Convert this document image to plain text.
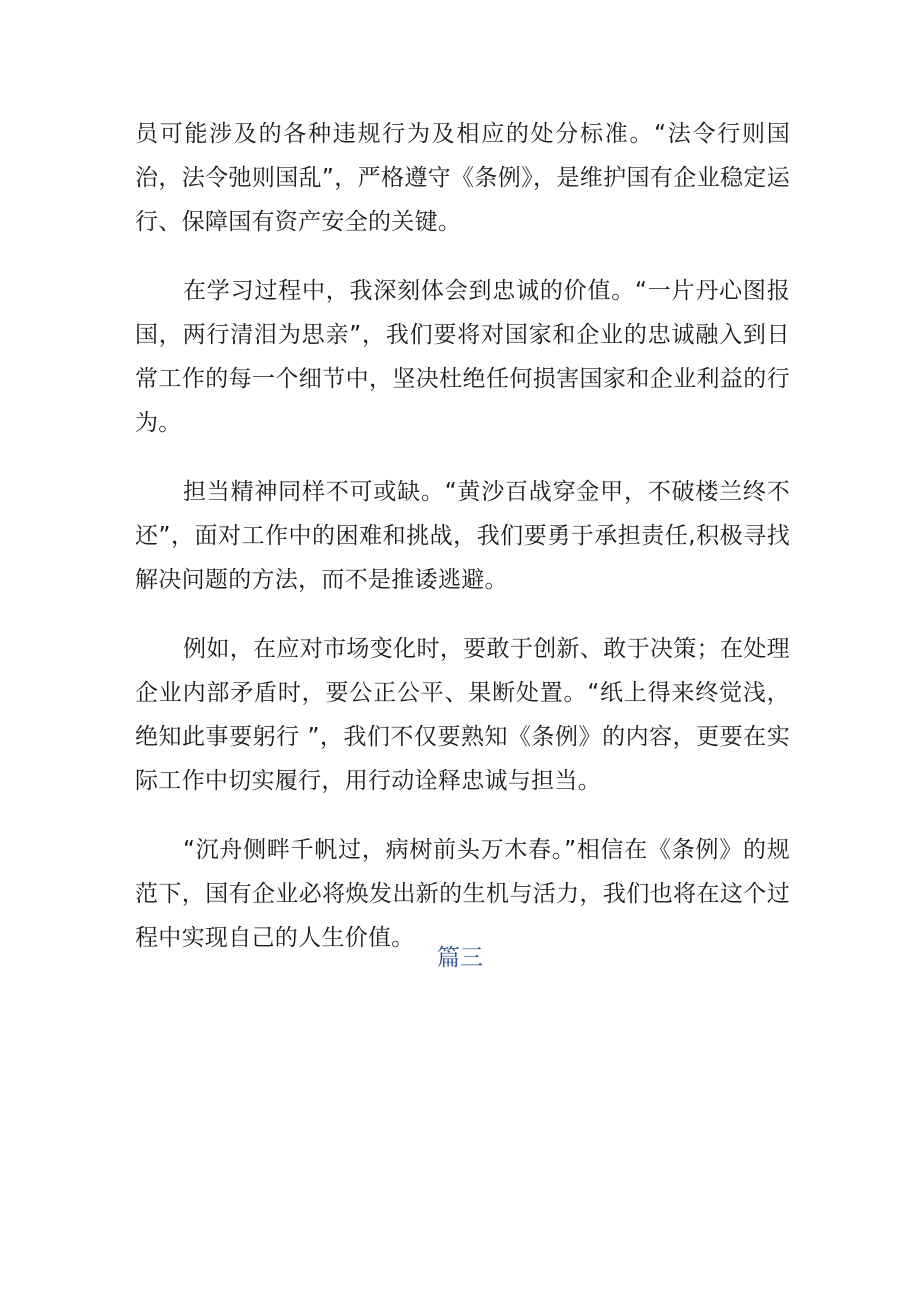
员可能涉及的各种违规行为及相应的处分标准。“法令行则国治，法令弛则国乱”，严格遵守《条例》，是维护国有企业稳定运行、保障国有资产安全的关键。

在学习过程中，我深刻体会到忠诚的价值。“一片丹心图报国，两行清泪为思亲”，我们要将对国家和企业的忠诚融入到日常工作的每一个细节中，坚决杜绝任何损害国家和企业利益的行为。

担当精神同样不可或缺。“黄沙百战穿金甲，不破楼兰终不还”，面对工作中的困难和挑战，我们要勇于承担责任,积极寻找解决问题的方法，而不是推诿逃避。

例如，在应对市场变化时，要敢于创新、敢于决策；在处理企业内部矛盾时，要公正公平、果断处置。“纸上得来终觉浅，绝知此事要躬行 ”，我们不仅要熟知《条例》的内容，更要在实际工作中切实履行，用行动诠释忠诚与担当。

“沉舟侧畔千帆过，病树前头万木春。”相信在《条例》的规范下，国有企业必将焕发出新的生机与活力，我们也将在这个过程中实现自己的人生价值。

篇三
